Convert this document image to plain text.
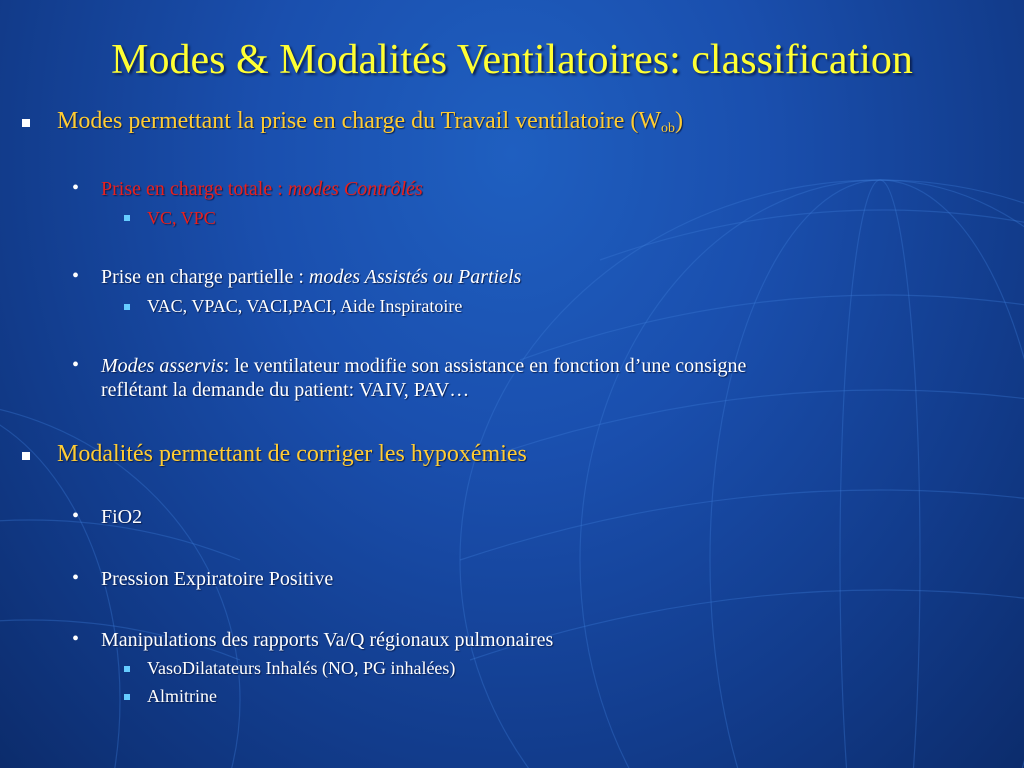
Modes & Modalités Ventilatoires: classification
Modes permettant la prise en charge du Travail ventilatoire $(W_{ob})$
• Prise en charge totale : modes Contrôlés
VC, VPC
• Prise en charge partielle : modes Assistés ou Partiels
VAC, VPAC, VACI,PACI, Aide Inspiratoire
• Modes asservis: le ventilateur modifie son assistance en fonction d’une consigne
reflétant la demande du patient: VAIV, PAV…
Modalités permettant de corriger les hypoxémies
• FiO2
• Pression Expiratoire Positive
• Manipulations des rapports Va/Q régionaux pulmonaires
VasoDilatateurs Inhalés (NO, PG inhalées)
Almitrine
